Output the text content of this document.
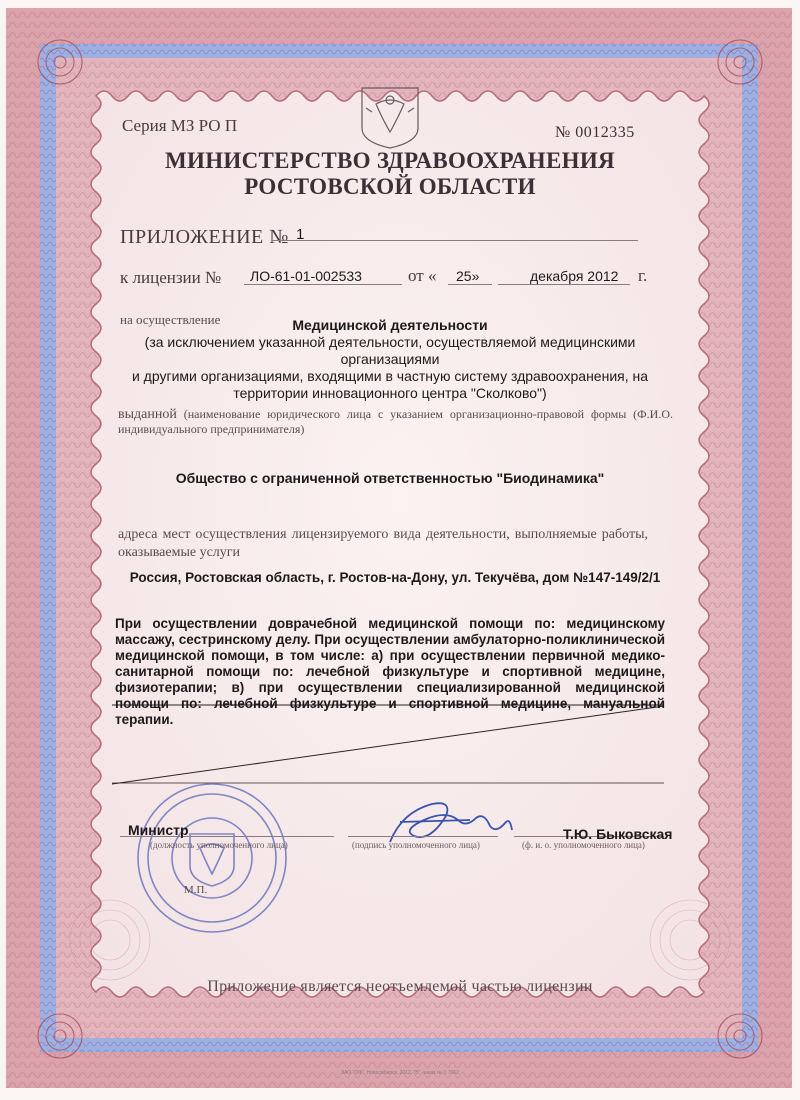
Серия МЗ РО П	№ 0012335
МИНИСТЕРСТВО ЗДРАВООХРАНЕНИЯ
РОСТОВСКОЙ ОБЛАСТИ
ПРИЛОЖЕНИЕ № 1
к лицензии № ЛО-61-01-002533	от « 25»	декабря 2012 г.
на осуществление	Медицинской деятельности
(за исключением указанной деятельности, осуществляемой медицинскими организациями
и другими организациями, входящими в частную систему здравоохранения, на
территории инновационного центра "Сколково")
выданной (наименование юридического лица с указанием организационно-правовой формы (Ф.И.О. индивидуального предпринимателя)
Общество с ограниченной ответственностью "Биодинамика"
адреса мест осуществления лицензируемого вида деятельности, выполняемые работы, оказываемые услуги
Россия, Ростовская область, г. Ростов-на-Дону, ул. Текучёва, дом №147-149/2/1
При осуществлении доврачебной медицинской помощи по: медицинскому массажу, сестринскому делу. При осуществлении амбулаторно-поликлинической медицинской помощи, в том числе: а) при осуществлении первичной медико-санитарной помощи по: лечебной физкультуре и спортивной медицине, физиотерапии; в) при осуществлении специализированной медицинской помощи по: лечебной физкультуре и спортивной медицине, мануальной терапии.
Министр
(должность уполномоченного лица)	(подпись уполномоченного лица)	(ф. и. о. уполномоченного лица)
Т.Ю. Быковская
М.П.
Приложение является неотъемлемой частью лицензии
ЗАО "ОФ", Новосибирск, 2012, "Б", заказ № 1 7062
